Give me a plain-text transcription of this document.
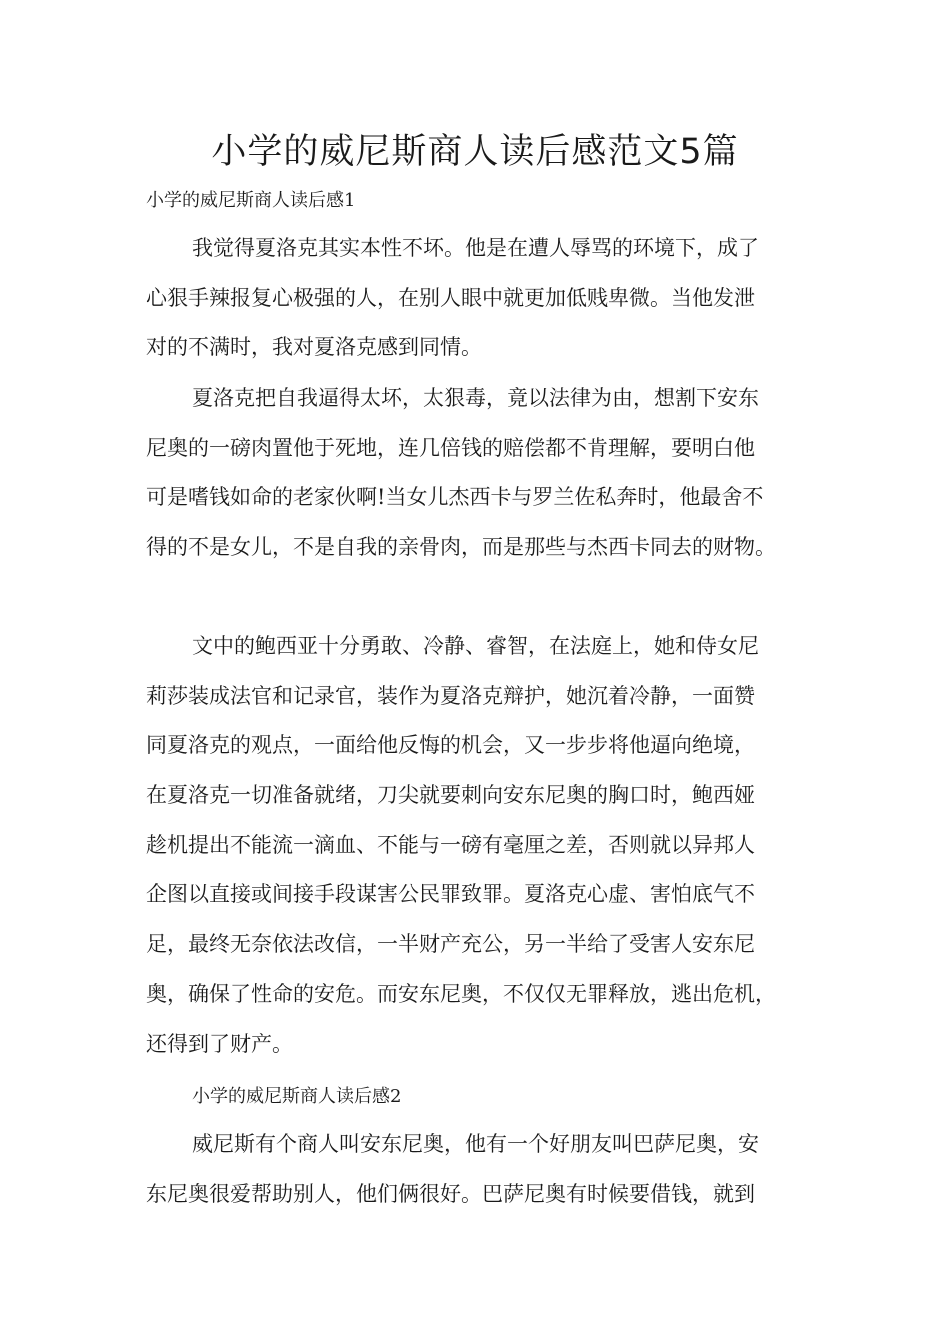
小学的威尼斯商人读后感范文5篇

小学的威尼斯商人读后感1

我觉得夏洛克其实本性不坏。他是在遭人辱骂的环境下，成了
心狠手辣报复心极强的人，在别人眼中就更加低贱卑微。当他发泄
对的不满时，我对夏洛克感到同情。
夏洛克把自我逼得太坏，太狠毒，竟以法律为由，想割下安东
尼奥的一磅肉置他于死地，连几倍钱的赔偿都不肯理解，要明白他
可是嗜钱如命的老家伙啊!当女儿杰西卡与罗兰佐私奔时，他最舍不
得的不是女儿，不是自我的亲骨肉，而是那些与杰西卡同去的财物。
文中的鲍西亚十分勇敢、冷静、睿智，在法庭上，她和侍女尼
莉莎装成法官和记录官，装作为夏洛克辩护，她沉着冷静，一面赞
同夏洛克的观点，一面给他反悔的机会，又一步步将他逼向绝境，
在夏洛克一切准备就绪，刀尖就要刺向安东尼奥的胸口时，鲍西娅
趁机提出不能流一滴血、不能与一磅有毫厘之差，否则就以异邦人
企图以直接或间接手段谋害公民罪致罪。夏洛克心虚、害怕底气不
足，最终无奈依法改信，一半财产充公，另一半给了受害人安东尼
奥，确保了性命的安危。而安东尼奥，不仅仅无罪释放，逃出危机，
还得到了财产。

小学的威尼斯商人读后感2

威尼斯有个商人叫安东尼奥，他有一个好朋友叫巴萨尼奥，安
东尼奥很爱帮助别人，他们俩很好。巴萨尼奥有时候要借钱，就到
